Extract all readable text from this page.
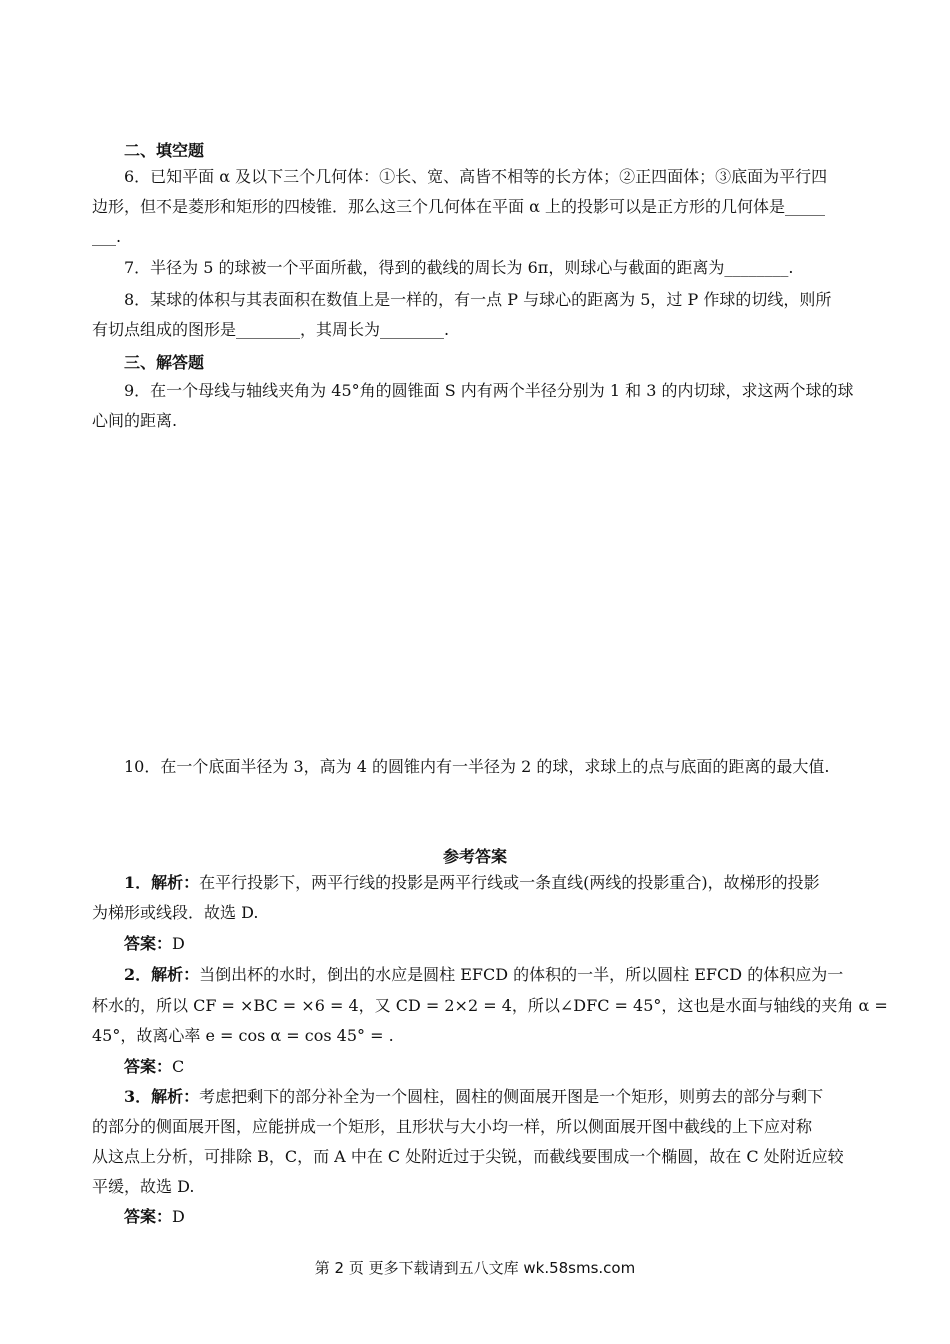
二、填空题
6．已知平面 α 及以下三个几何体：①长、宽、高皆不相等的长方体；②正四面体；③底面为平行四
边形，但不是菱形和矩形的四棱锥．那么这三个几何体在平面 α 上的投影可以是正方形的几何体是_____
___.
7．半径为 5 的球被一个平面所截，得到的截线的周长为 6π，则球心与截面的距离为________.
8．某球的体积与其表面积在数值上是一样的，有一点 P 与球心的距离为 5，过 P 作球的切线，则所
有切点组成的图形是________，其周长为________.
三、解答题
9．在一个母线与轴线夹角为 45°角的圆锥面 S 内有两个半径分别为 1 和 3 的内切球，求这两个球的球
心间的距离.
10．在一个底面半径为 3，高为 4 的圆锥内有一半径为 2 的球，求球上的点与底面的距离的最大值.
参考答案
1．解析：在平行投影下，两平行线的投影是两平行线或一条直线(两线的投影重合)，故梯形的投影
为梯形或线段．故选 D.
答案：D
2．解析：当倒出杯的水时，倒出的水应是圆柱 EFCD 的体积的一半，所以圆柱 EFCD 的体积应为一
杯水的，所以 CF = ×BC = ×6 = 4，又 CD = 2×2 = 4，所以∠DFC = 45°，这也是水面与轴线的夹角 α =
45°，故离心率 e = cos α = cos 45° = .
答案：C
3．解析：考虑把剩下的部分补全为一个圆柱，圆柱的侧面展开图是一个矩形，则剪去的部分与剩下
的部分的侧面展开图，应能拼成一个矩形，且形状与大小均一样，所以侧面展开图中截线的上下应对称
从这点上分析，可排除 B，C，而 A 中在 C 处附近过于尖锐，而截线要围成一个椭圆，故在 C 处附近应较
平缓，故选 D.
答案：D
第 2 页 更多下载请到五八文库 wk.58sms.com
